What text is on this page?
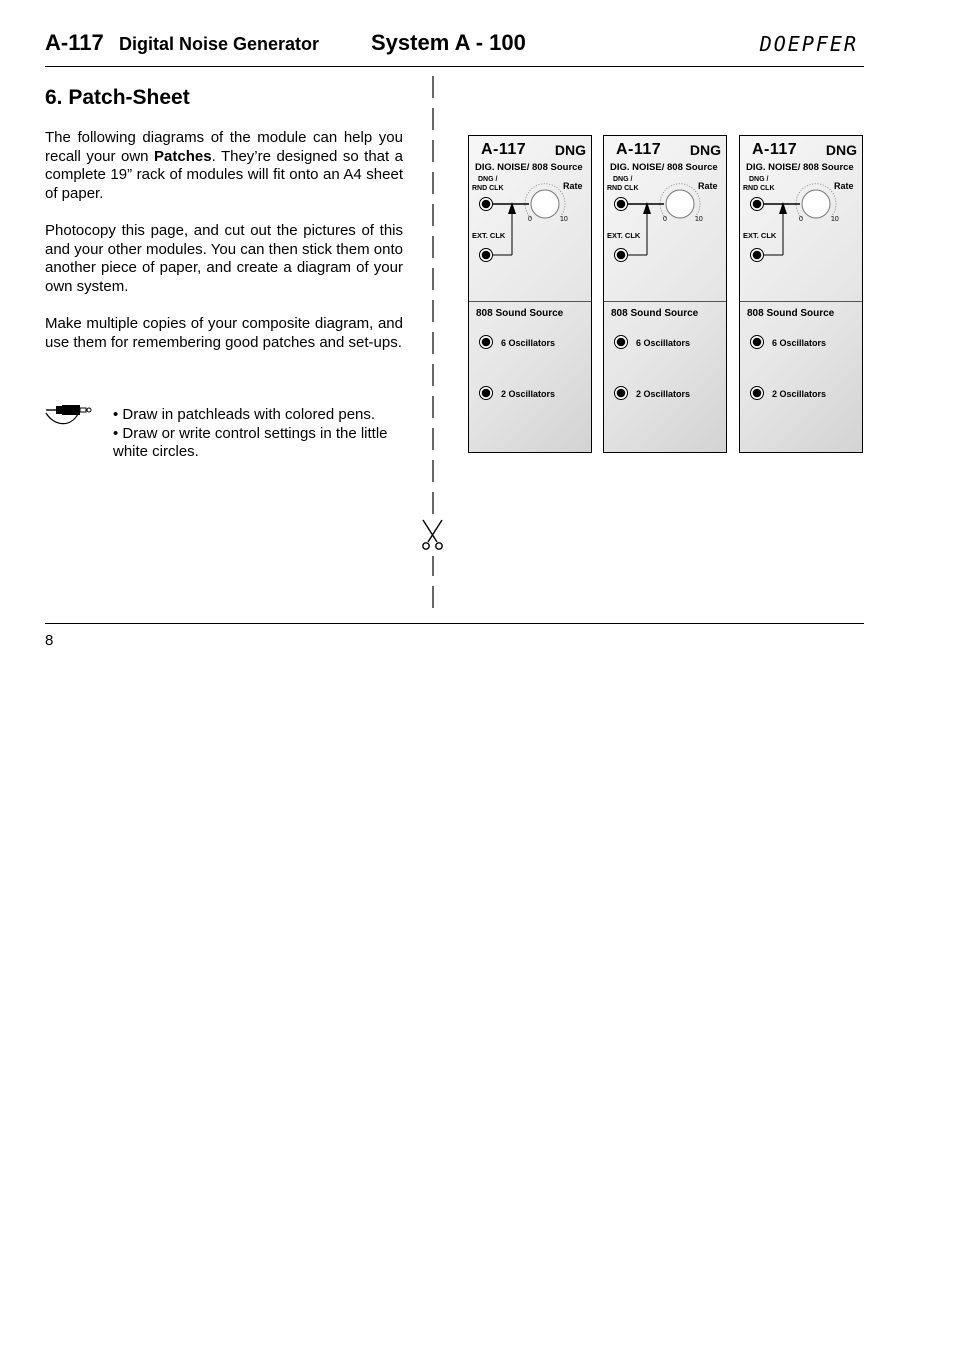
A-117 Digital Noise Generator System A - 100	DOEPFER
6. Patch-Sheet

The following diagrams of the module can help you recall your own Patches. They’re designed so that a complete 19” rack of modules will fit onto an A4 sheet of paper.

Photocopy this page, and cut out the pictures of this and your other modules. You can then stick them onto another piece of paper, and create a diagram of your own system.

Make multiple copies of your composite diagram, and use them for remembering good patches and set-ups.

• Draw in patchleads with colored pens.

• Draw or write control settings in the little white circles.

A-117 DNG
DIG. NOISE/ 808 Source
DNG /
RND CLK	Rate
0	10
EXT. CLK
808 Sound Source
6 Oscillators
2 Oscillators
A-117 DNG
DIG. NOISE/ 808 Source
DNG /
RND CLK	Rate
0	10
EXT. CLK
808 Sound Source
6 Oscillators
2 Oscillators
A-117 DNG
DIG. NOISE/ 808 Source
DNG /
RND CLK	Rate
0	10
EXT. CLK
808 Sound Source
6 Oscillators
2 Oscillators
8
